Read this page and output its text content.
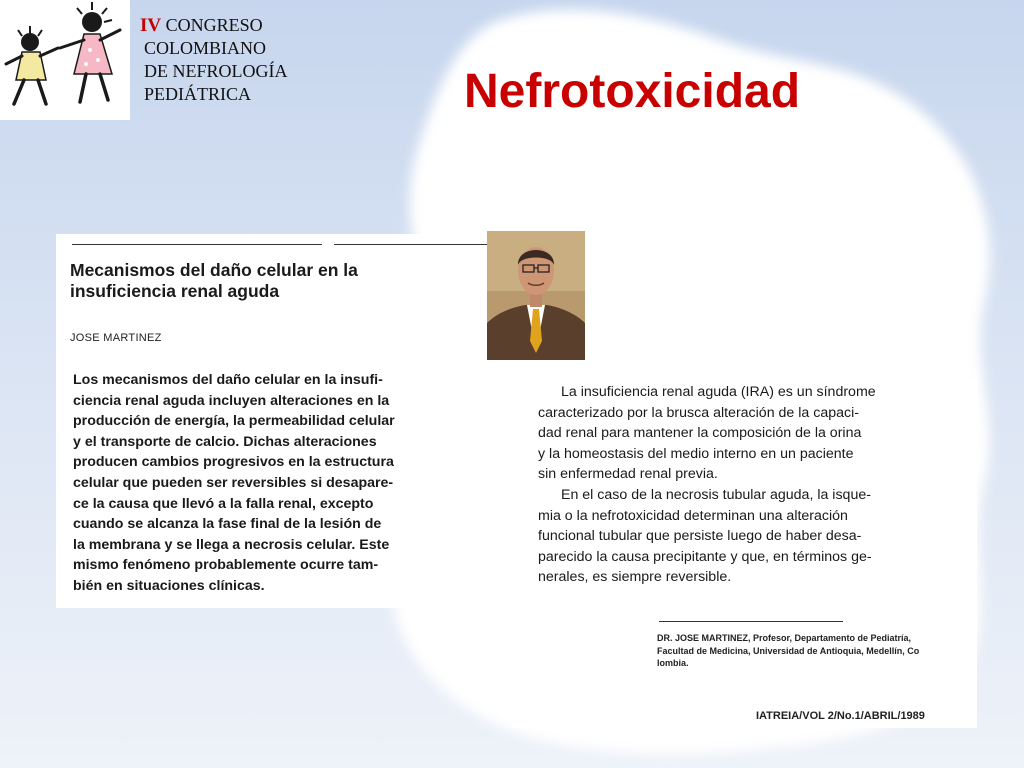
IV CONGRESO
COLOMBIANO
DE NEFROLOGÍA
PEDIÁTRICA	Nefrotoxicidad
Mecanismos del daño celular en la
insuficiencia renal aguda
JOSE MARTINEZ

Los mecanismos del daño celular en la insufi-
ciencia renal aguda incluyen alteraciones en la
producción de energía, la permeabilidad celular
y el transporte de calcio. Dichas alteraciones
producen cambios progresivos en la estructura
celular que pueden ser reversibles si desapare-
ce la causa que llevó a la falla renal, excepto
cuando se alcanza la fase final de la lesión de
la membrana y se llega a necrosis celular. Este
mismo fenómeno probablemente ocurre tam-
bién en situaciones clínicas.

La insuficiencia renal aguda (IRA) es un síndrome
caracterizado por la brusca alteración de la capaci-
dad renal para mantener la composición de la orina
y la homeostasis del medio interno en un paciente
sin enfermedad renal previa.
En el caso de la necrosis tubular aguda, la isque-
mia o la nefrotoxicidad determinan una alteración
funcional tubular que persiste luego de haber desa-
parecido la causa precipitante y que, en términos ge-
nerales, es siempre reversible.

DR. JOSE MARTINEZ, Profesor, Departamento de Pediatría,
Facultad de Medicina, Universidad de Antioquia, Medellín, Co
lombia.

IATREIA/VOL 2/No.1/ABRIL/1989
